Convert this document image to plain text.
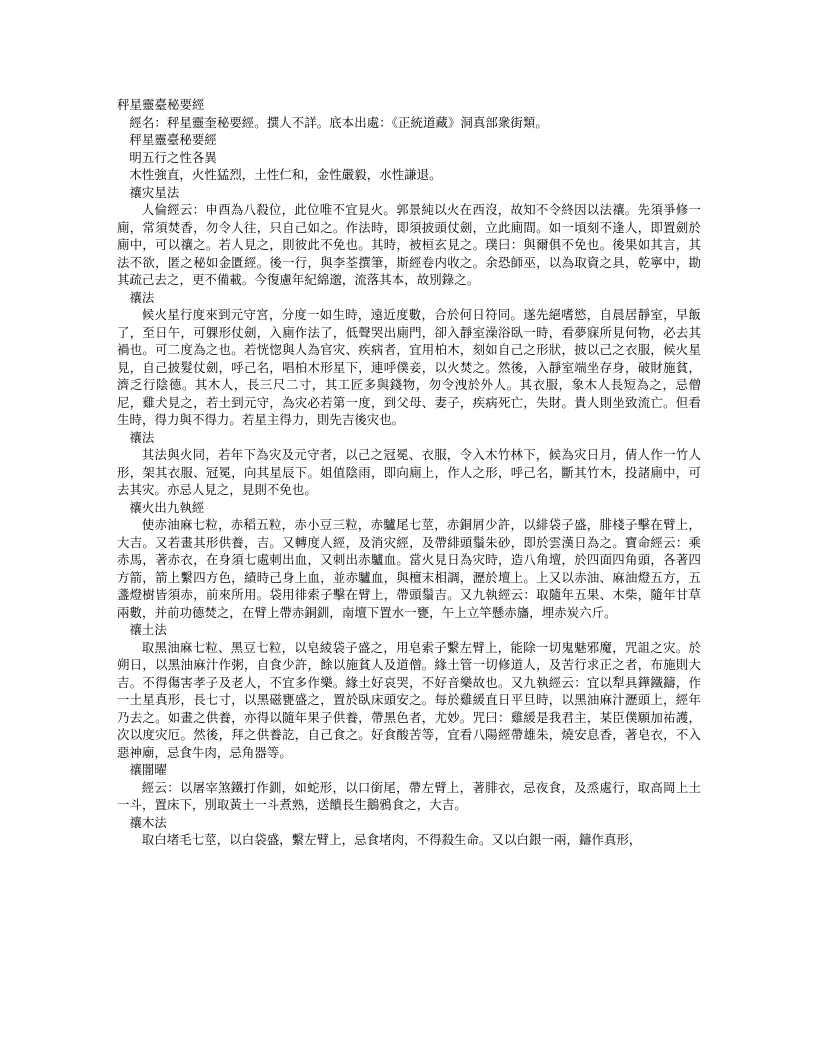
秤星靈臺秘要經

經名：秤星靈奎秘要經。撰人不詳。底本出處：《正統道藏》洞真部衆街類。

秤星靈臺秘要經

明五行之性各異

木性強直，火性猛烈，土性仁和，金性嚴毅，水性謙退。

禳灾星法

人倫經云：申酉為八殺位，此位唯不宜見火。郭景純以火在西沒，故知不令終因以法禳。先須爭修一廁，常須焚香，勿令人往，只自己如之。作法時，即須披頭仗劍，立此廁間。如一頃刻不逢人，即置劍於廁中，可以禳之。若人見之，則彼此不免也。其時，被桓玄見之。璞曰：與爾俱不免也。後果如其言，其法不欲，匿之秘如金匱經。後一行，與李荃撰筆，斯經卷内收之。余恐師巫，以為取資之具，乾寧中，勘其疏己去之，更不備載。今復慮年紀綿邈，流落其本，故別錄之。

禳法

候火星行度來到元守宮，分度一如生時，遠近度數，合於何日符同。遂先絕嗜慾，自晨居靜室，早飯了，至日午，可躶形仗劍，入廁作法了，低聲哭出廁門，卻入靜室澡浴臥一時，看夢寐所見何物，必去其禍也。可二度為之也。若恍惚與人為官灾、疾病者，宜用柏木，刻如自己之形狀，披以己之衣服，候火星見，自己披髮仗劍，呼己名，唱柏木形星下，連呼僕妾，以火焚之。然後，入靜室端坐存身，破財施貧，濟乏行陰德。其木人，長三尺二寸，其工匠多與錢物，勿令洩於外人。其衣服，象木人長短為之，忌僧尼，雞犬見之，若土到元守，為灾必若第一度，到父母、妻子，疾病死亡，失財。貴人則坐致流亡。但看生時，得力與不得力。若星主得力，則先吉後灾也。

禳法

其法與火同，若年下為灾及元守者，以己之冠冕、衣服，令入木竹林下，候為灾日月，倩人作一竹人形，架其衣服、冠冕，向其星辰下。姐值陰雨，即向廁上，作人之形，呼己名，斷其竹木，投諸廁中，可去其灾。亦忌人見之，見則不免也。

禳火出九執經

使赤油麻七粒，赤稻五粒，赤小豆三粒，赤驢尾七莖，赤銅屑少許，以緋袋子盛，腓棧子擊在臂上，大吉。又若畫其形供養，吉。又轉度人經，及消灾經，及帶緋頭鬚朱砂，即於雲漢日為之。寶命經云：乘赤馬，著赤衣，在身須七處刺出血，又刺出赤驢血。當火見日為灾時，造八角壇，於四面四角頭，各著四方箭，箭上繫四方色，績時己身上血，並赤驢血，與檀末相調，瀝於壇上。上又以赤油、麻油燈五方，五盞燈樹皆須赤，前來所用。袋用徘索子擊在臂上，帶頭鬚吉。又九執經云：取隨年五果、木柴，隨年甘草兩數，并前功德焚之，在臂上帶赤銅釧，南壇下置水一甕，午上立竿懸赤旛，埋赤炭六斤。

禳土法

取黑油麻七粒、黑豆七粒，以皂綾袋子盛之，用皂索子繫左臂上，能除一切鬼魅邪魔，咒詛之灾。於朔日，以黑油麻汁作粥，自食少許，餘以施貧人及道僧。緣土管一切修道人，及苦行求正之者，布施則大吉。不得傷害孝子及老人，不宜多作樂。緣土好哀哭，不好音樂故也。又九執經云：宜以犁具鏵鐵鑄，作一土星真形，長七寸，以黑磁甕盛之，置於臥床頭安之。每於雞緩直日平旦時，以黑油麻汁瀝頭上，經年乃去之。如畫之供養，亦得以隨年果子供養，帶黑色者，尤妙。咒曰：雞緩是我君主，某臣僕願加祐護，次以度灾厄。然後，拜之供養訖，自己食之。好食酸苦等，宜看八陽經帶雄朱，燒安息香，著皂衣，不入惡神廟，忌食牛肉，忌角器等。

禳闇曜

經云：以屠宰煞鐵打作釧，如蛇形，以口銜尾，帶左臂上，著腓衣，忌夜食，及烝處行，取高岡上土一斗，置床下，別取黃土一斗煮熟，送饋長生鵝鴉食之，大吉。

禳木法

取白堵毛七莖，以白袋盛，繫左臂上，忌食堵肉，不得殺生命。又以白銀一兩，鑄作真形，
